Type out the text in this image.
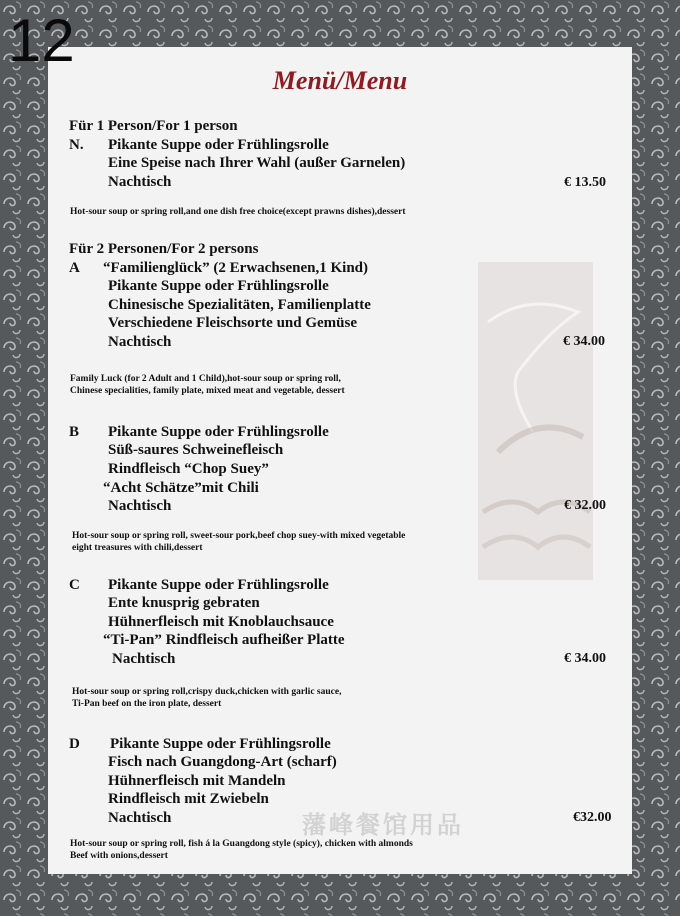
12
藩峰餐馆用品
Menü/Menu
Für 1 Person/For 1 person
N. Pikante Suppe oder Frühlingsrolle
Eine Speise nach Ihrer Wahl (außer Garnelen)
Nachtisch	€ 13.50
Hot-sour soup or spring roll,and one dish free choice(except prawns dishes),dessert
Für 2 Personen/For 2 persons
A “Familienglück” (2 Erwachsenen,1 Kind)
Pikante Suppe oder Frühlingsrolle
Chinesische Spezialitäten, Familienplatte
Verschiedene Fleischsorte und Gemüse
Nachtisch	€ 34.00
Family Luck (for 2 Adult and 1 Child),hot-sour soup or spring roll,
Chinese specialities, family plate, mixed meat and vegetable, dessert
B Pikante Suppe oder Frühlingsrolle
Süß-saures Schweinefleisch
Rindfleisch “Chop Suey”
“Acht Schätze”mit Chili
Nachtisch	€ 32.00
Hot-sour soup or spring roll, sweet-sour pork,beef chop suey-with mixed vegetable
eight treasures with chili,dessert
C Pikante Suppe oder Frühlingsrolle
Ente knusprig gebraten
Hühnerfleisch mit Knoblauchsauce
“Ti-Pan” Rindfleisch aufheißer Platte
Nachtisch	€ 34.00
Hot-sour soup or spring roll,crispy duck,chicken with garlic sauce,
Ti-Pan beef on the iron plate, dessert
D Pikante Suppe oder Frühlingsrolle
Fisch nach Guangdong-Art (scharf)
Hühnerfleisch mit Mandeln
Rindfleisch mit Zwiebeln
Nachtisch	€32.00
Hot-sour soup or spring roll, fish á la Guangdong style (spicy), chicken with almonds
Beef with onions,dessert
